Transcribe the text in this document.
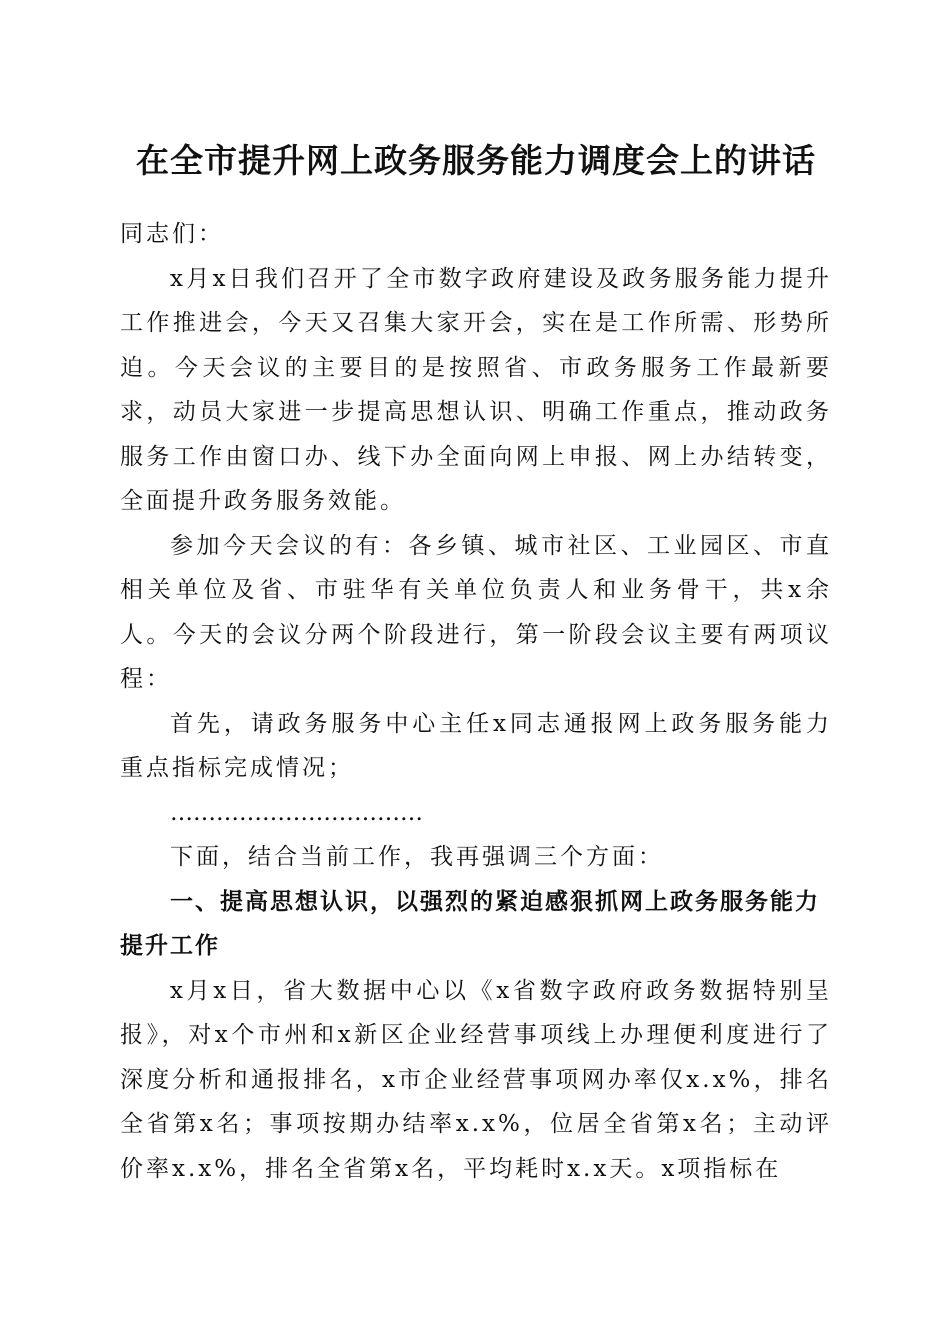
在全市提升网上政务服务能力调度会上的讲话

同志们：

x月x日我们召开了全市数字政府建设及政务服务能力提升工作推进会，今天又召集大家开会，实在是工作所需、形势所迫。今天会议的主要目的是按照省、市政务服务工作最新要求，动员大家进一步提高思想认识、明确工作重点，推动政务服务工作由窗口办、线下办全面向网上申报、网上办结转变，全面提升政务服务效能。

参加今天会议的有：各乡镇、城市社区、工业园区、市直相关单位及省、市驻华有关单位负责人和业务骨干，共x余人。今天的会议分两个阶段进行，第一阶段会议主要有两项议程：

首先，请政务服务中心主任x同志通报网上政务服务能力重点指标完成情况；

……………………………

下面，结合当前工作，我再强调三个方面：

一、提高思想认识，以强烈的紧迫感狠抓网上政务服务能力提升工作

x月x日，省大数据中心以《x省数字政府政务数据特别呈报》，对x个市州和x新区企业经营事项线上办理便利度进行了深度分析和通报排名，x市企业经营事项网办率仅x.x%，排名全省第x名；事项按期办结率x.x%，位居全省第x名；主动评价率x.x%，排名全省第x名，平均耗时x.x天。x项指标在
